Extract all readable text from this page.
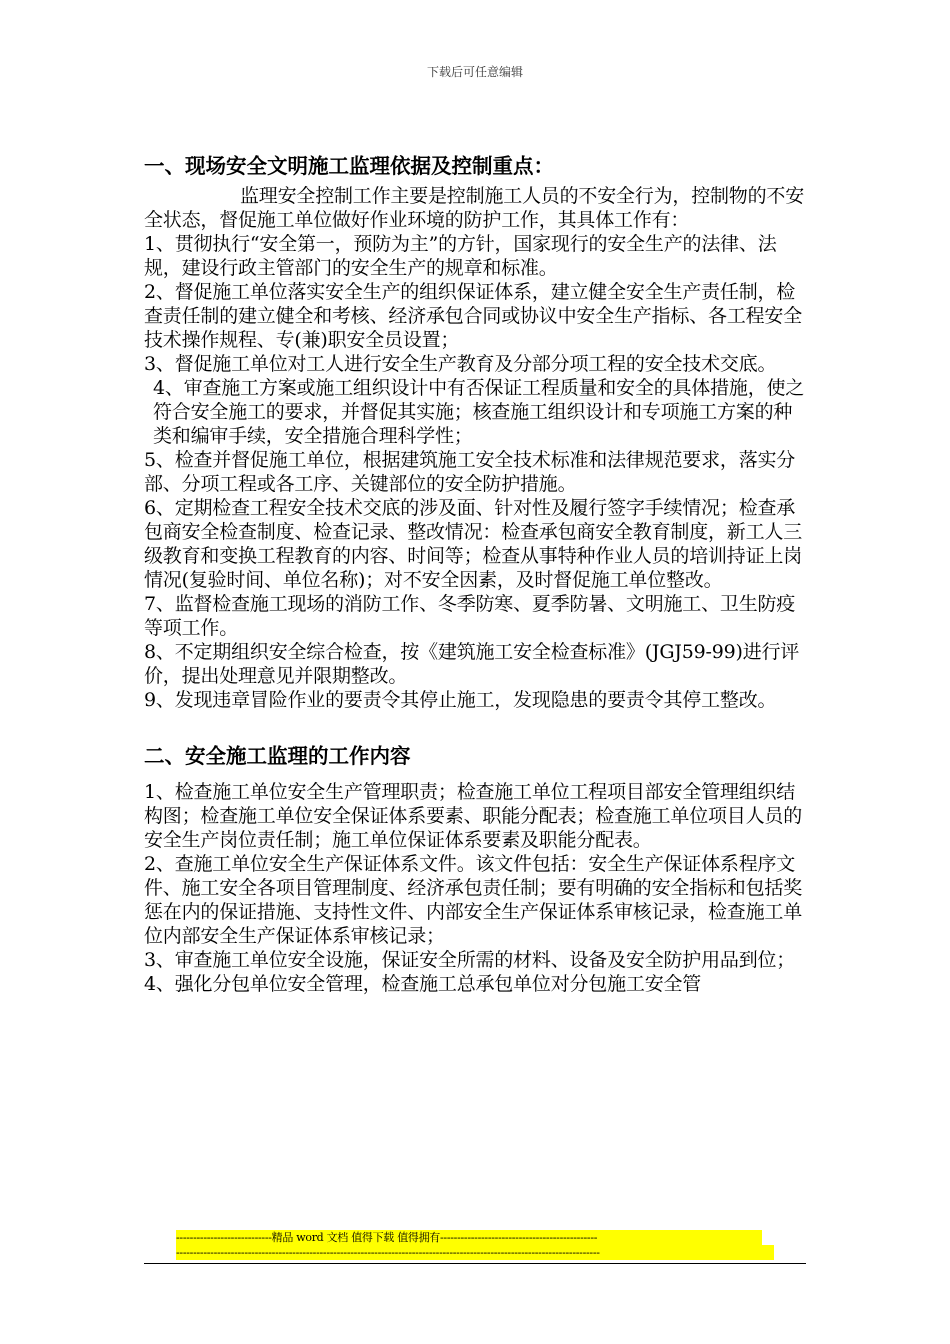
下载后可任意编辑
一、现场安全文明施工监理依据及控制重点：

监理安全控制工作主要是控制施工人员的不安全行为，控制物的不安全状态，督促施工单位做好作业环境的防护工作，其具体工作有：

1、贯彻执行“安全第一，预防为主”的方针，国家现行的安全生产的法律、法规，建设行政主管部门的安全生产的规章和标准。

2、督促施工单位落实安全生产的组织保证体系，建立健全安全生产责任制，检查责任制的建立健全和考核、经济承包合同或协议中安全生产指标、各工程安全技术操作规程、专(兼)职安全员设置；

3、督促施工单位对工人进行安全生产教育及分部分项工程的安全技术交底。

4、审查施工方案或施工组织设计中有否保证工程质量和安全的具体措施，使之符合安全施工的要求，并督促其实施；核查施工组织设计和专项施工方案的种类和编审手续，安全措施合理科学性；

5、检查并督促施工单位，根据建筑施工安全技术标准和法律规范要求，落实分部、分项工程或各工序、关键部位的安全防护措施。

6、定期检查工程安全技术交底的涉及面、针对性及履行签字手续情况；检查承包商安全检查制度、检查记录、整改情况：检查承包商安全教育制度，新工人三级教育和变换工程教育的内容、时间等；检查从事特种作业人员的培训持证上岗情况(复验时间、单位名称)；对不安全因素，及时督促施工单位整改。

7、监督检查施工现场的消防工作、冬季防寒、夏季防暑、文明施工、卫生防疫等项工作。

8、不定期组织安全综合检查，按《建筑施工安全检查标准》(JGJ59-99)进行评价，提出处理意见并限期整改。

9、发现违章冒险作业的要责令其停止施工，发现隐患的要责令其停工整改。

二、安全施工监理的工作内容

1、检查施工单位安全生产管理职责；检查施工单位工程项目部安全管理组织结构图；检查施工单位安全保证体系要素、职能分配表；检查施工单位项目人员的安全生产岗位责任制；施工单位保证体系要素及职能分配表。

2、查施工单位安全生产保证体系文件。该文件包括：安全生产保证体系程序文件、施工安全各项目管理制度、经济承包责任制；要有明确的安全指标和包括奖惩在内的保证措施、支持性文件、内部安全生产保证体系审核记录，检查施工单位内部安全生产保证体系审核记录；

3、审查施工单位安全设施，保证安全所需的材料、设备及安全防护用品到位；

4、强化分包单位安全管理，检查施工总承包单位对分包施工安全管

----------------------------精品 word 文档 值得下载 值得拥有----------------------------------------------
----------------------------------------------------------------------------------------------------------------------------
